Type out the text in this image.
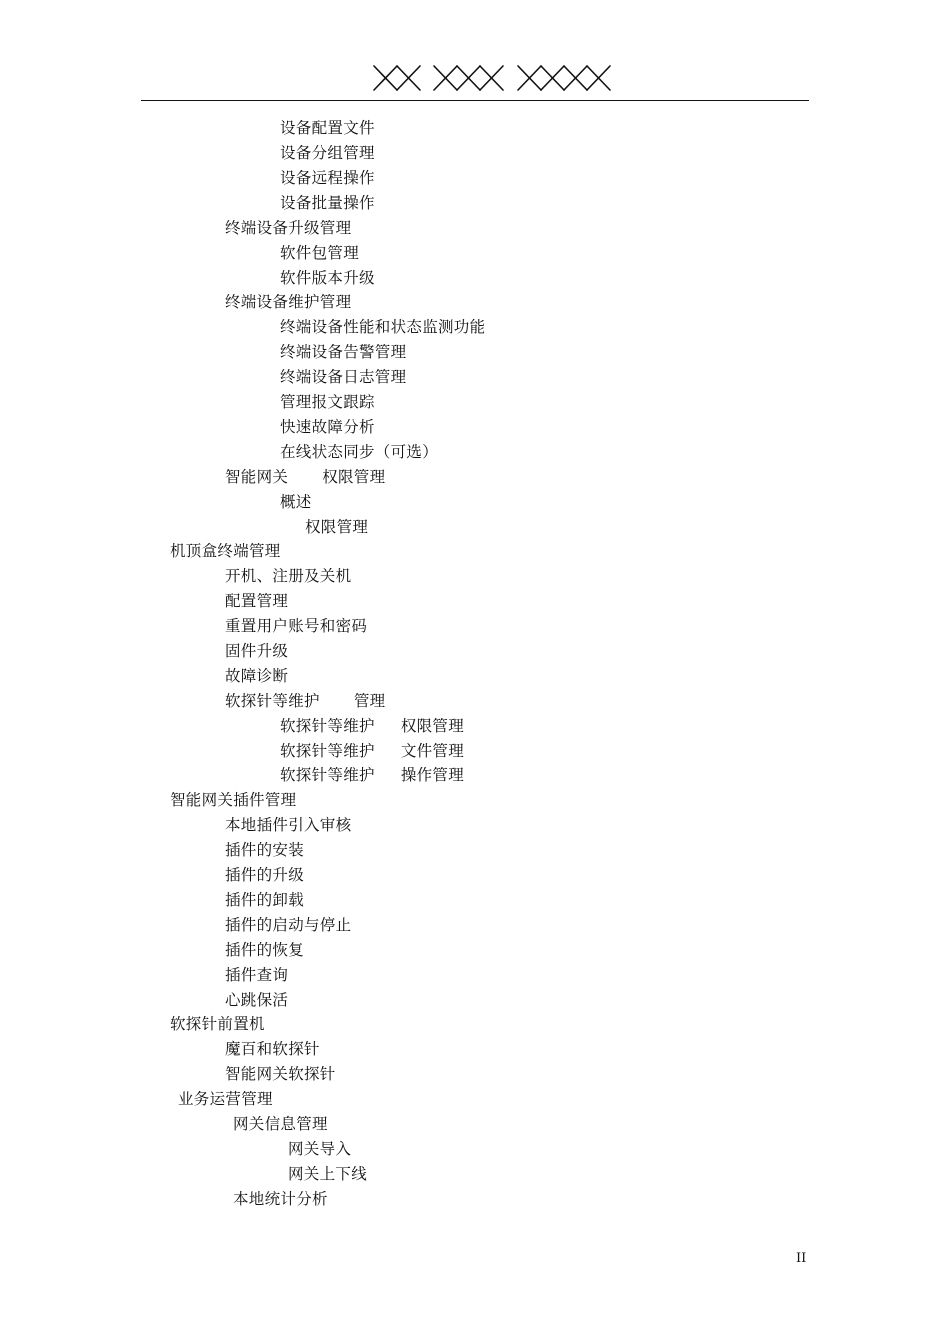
设备配置文件
设备分组管理
设备远程操作
设备批量操作
终端设备升级管理
软件包管理
软件版本升级
终端设备维护管理
终端设备性能和状态监测功能
终端设备告警管理
终端设备日志管理
管理报文跟踪
快速故障分析
在线状态同步（可选）
智能网关 权限管理
概述
权限管理
机顶盒终端管理
开机、注册及关机
配置管理
重置用户账号和密码
固件升级
故障诊断
软探针等维护 管理
软探针等维护 权限管理
软探针等维护 文件管理
软探针等维护 操作管理
智能网关插件管理
本地插件引入审核
插件的安装
插件的升级
插件的卸载
插件的启动与停止
插件的恢复
插件查询
心跳保活
软探针前置机
魔百和软探针
智能网关软探针
业务运营管理
网关信息管理
网关导入
网关上下线
本地统计分析
II
